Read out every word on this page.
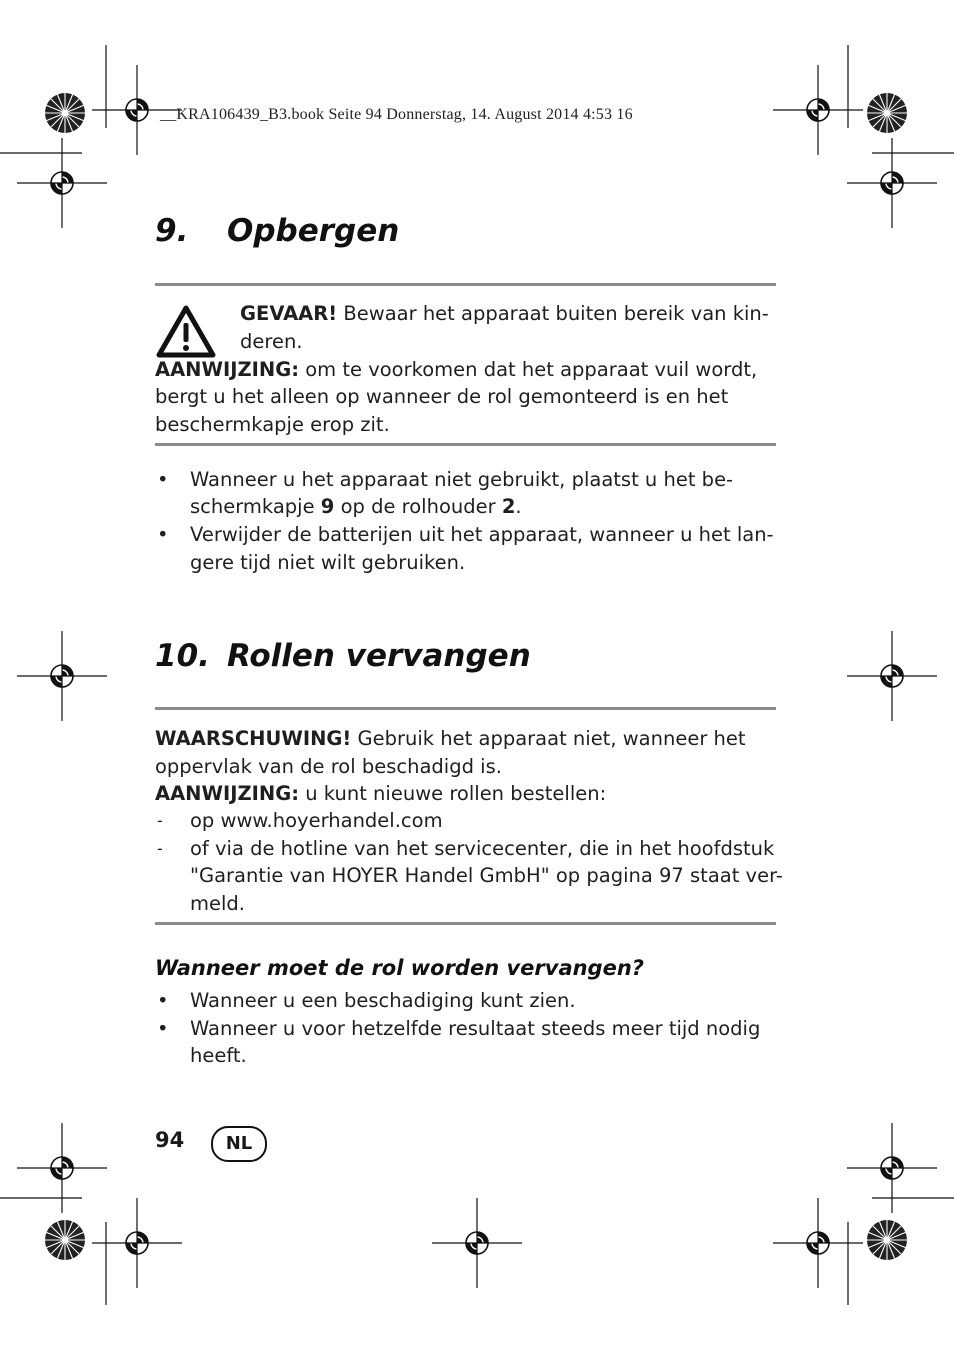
__KRA106439_B3.book Seite 94 Donnerstag, 14. August 2014 4:53 16
9. Opbergen
GEVAAR! Bewaar het apparaat buiten bereik van kin-
deren.
AANWIJZING: om te voorkomen dat het apparaat vuil wordt,
bergt u het alleen op wanneer de rol gemonteerd is en het
beschermkapje erop zit.
• Wanneer u het apparaat niet gebruikt, plaatst u het be-
schermkapje 9 op de rolhouder 2.
• Verwijder de batterijen uit het apparaat, wanneer u het lan-
gere tijd niet wilt gebruiken.
10. Rollen vervangen
WAARSCHUWING! Gebruik het apparaat niet, wanneer het
oppervlak van de rol beschadigd is.
AANWIJZING: u kunt nieuwe rollen bestellen:
- op www.hoyerhandel.com
- of via de hotline van het servicecenter, die in het hoofdstuk
"Garantie van HOYER Handel GmbH" op pagina 97 staat ver-
meld.
Wanneer moet de rol worden vervangen?
• Wanneer u een beschadiging kunt zien.
• Wanneer u voor hetzelfde resultaat steeds meer tijd nodig
heeft.
94	NL
